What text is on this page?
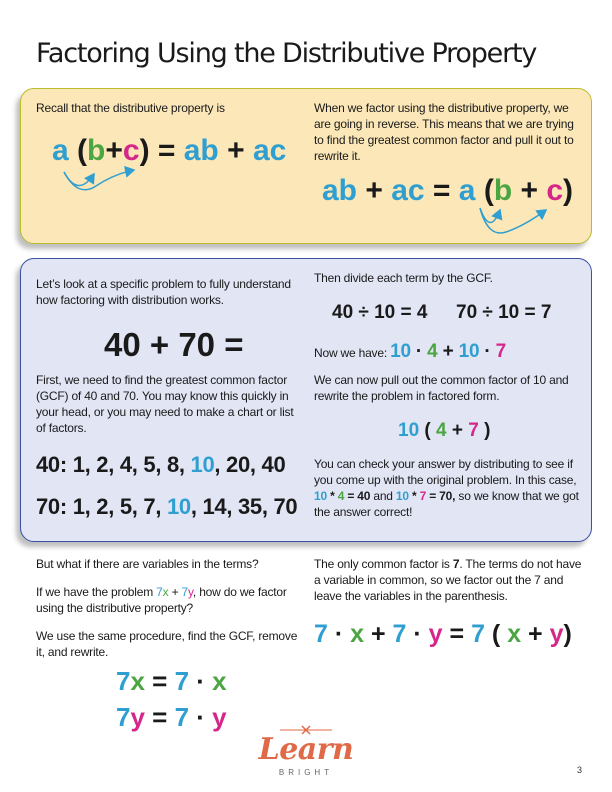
Factoring Using the Distributive Property
Recall that the distributive property is
a (b+c) = ab + ac
When we factor using the distributive property, we are going in reverse. This means that we are trying to find the greatest common factor and pull it out to rewrite it.
ab + ac = a (b + c)
Let’s look at a specific problem to fully understand how factoring with distribution works.
40 + 70 =
First, we need to find the greatest common factor (GCF) of 40 and 70. You may know this quickly in your head, or you may need to make a chart or list of factors.
40: 1, 2, 4, 5, 8, 10, 20, 40
70: 1, 2, 5, 7, 10, 14, 35, 70
Then divide each term by the GCF.
40 ÷ 10 = 4 70 ÷ 10 = 7
Now we have: 10 · 4 + 10 · 7
We can now pull out the common factor of 10 and rewrite the problem in factored form.
10 ( 4 + 7 )
You can check your answer by distributing to see if you come up with the original problem. In this case, 10 * 4 = 40 and 10 * 7 = 70, so we know that we got the answer correct!
But what if there are variables in the terms?
If we have the problem 7x + 7y, how do we factor using the distributive property?
We use the same procedure, find the GCF, remove it, and rewrite.
7x = 7 · x
7y = 7 · y
The only common factor is 7. The terms do not have a variable in common, so we factor out the 7 and leave the variables in the parenthesis.
7 · x + 7 · y = 7 ( x + y)
Learn
BRIGHT	3
